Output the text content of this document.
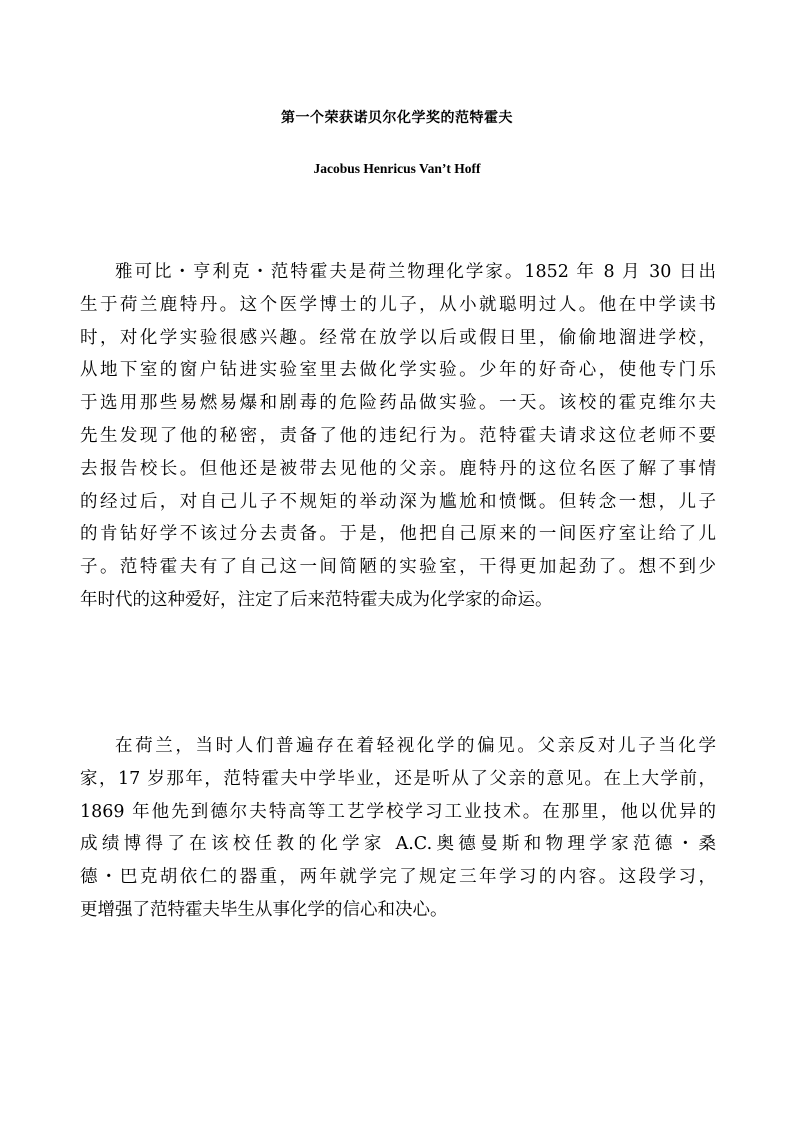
第一个荣获诺贝尔化学奖的范特霍夫
Jacobus Henricus Van’t Hoff
雅可比・亨利克・范特霍夫是荷兰物理化学家。1852 年 8 月 30 日出
生于荷兰鹿特丹。这个医学博士的儿子，从小就聪明过人。他在中学读书
时，对化学实验很感兴趣。经常在放学以后或假日里，偷偷地溜进学校，
从地下室的窗户钻进实验室里去做化学实验。少年的好奇心，使他专门乐
于选用那些易燃易爆和剧毒的危险药品做实验。一天。该校的霍克维尔夫
先生发现了他的秘密，责备了他的违纪行为。范特霍夫请求这位老师不要
去报告校长。但他还是被带去见他的父亲。鹿特丹的这位名医了解了事情
的经过后，对自己儿子不规矩的举动深为尴尬和愤慨。但转念一想，儿子
的肯钻好学不该过分去责备。于是，他把自己原来的一间医疗室让给了儿
子。范特霍夫有了自己这一间简陋的实验室，干得更加起劲了。想不到少
年时代的这种爱好，注定了后来范特霍夫成为化学家的命运。
在荷兰，当时人们普遍存在着轻视化学的偏见。父亲反对儿子当化学
家，17 岁那年，范特霍夫中学毕业，还是听从了父亲的意见。在上大学前，
1869 年他先到德尔夫特高等工艺学校学习工业技术。在那里，他以优异的
成绩博得了在该校任教的化学家 A.C.奥德曼斯和物理学家范德・桑
德・巴克胡依仁的器重，两年就学完了规定三年学习的内容。这段学习，
更增强了范特霍夫毕生从事化学的信心和决心。
